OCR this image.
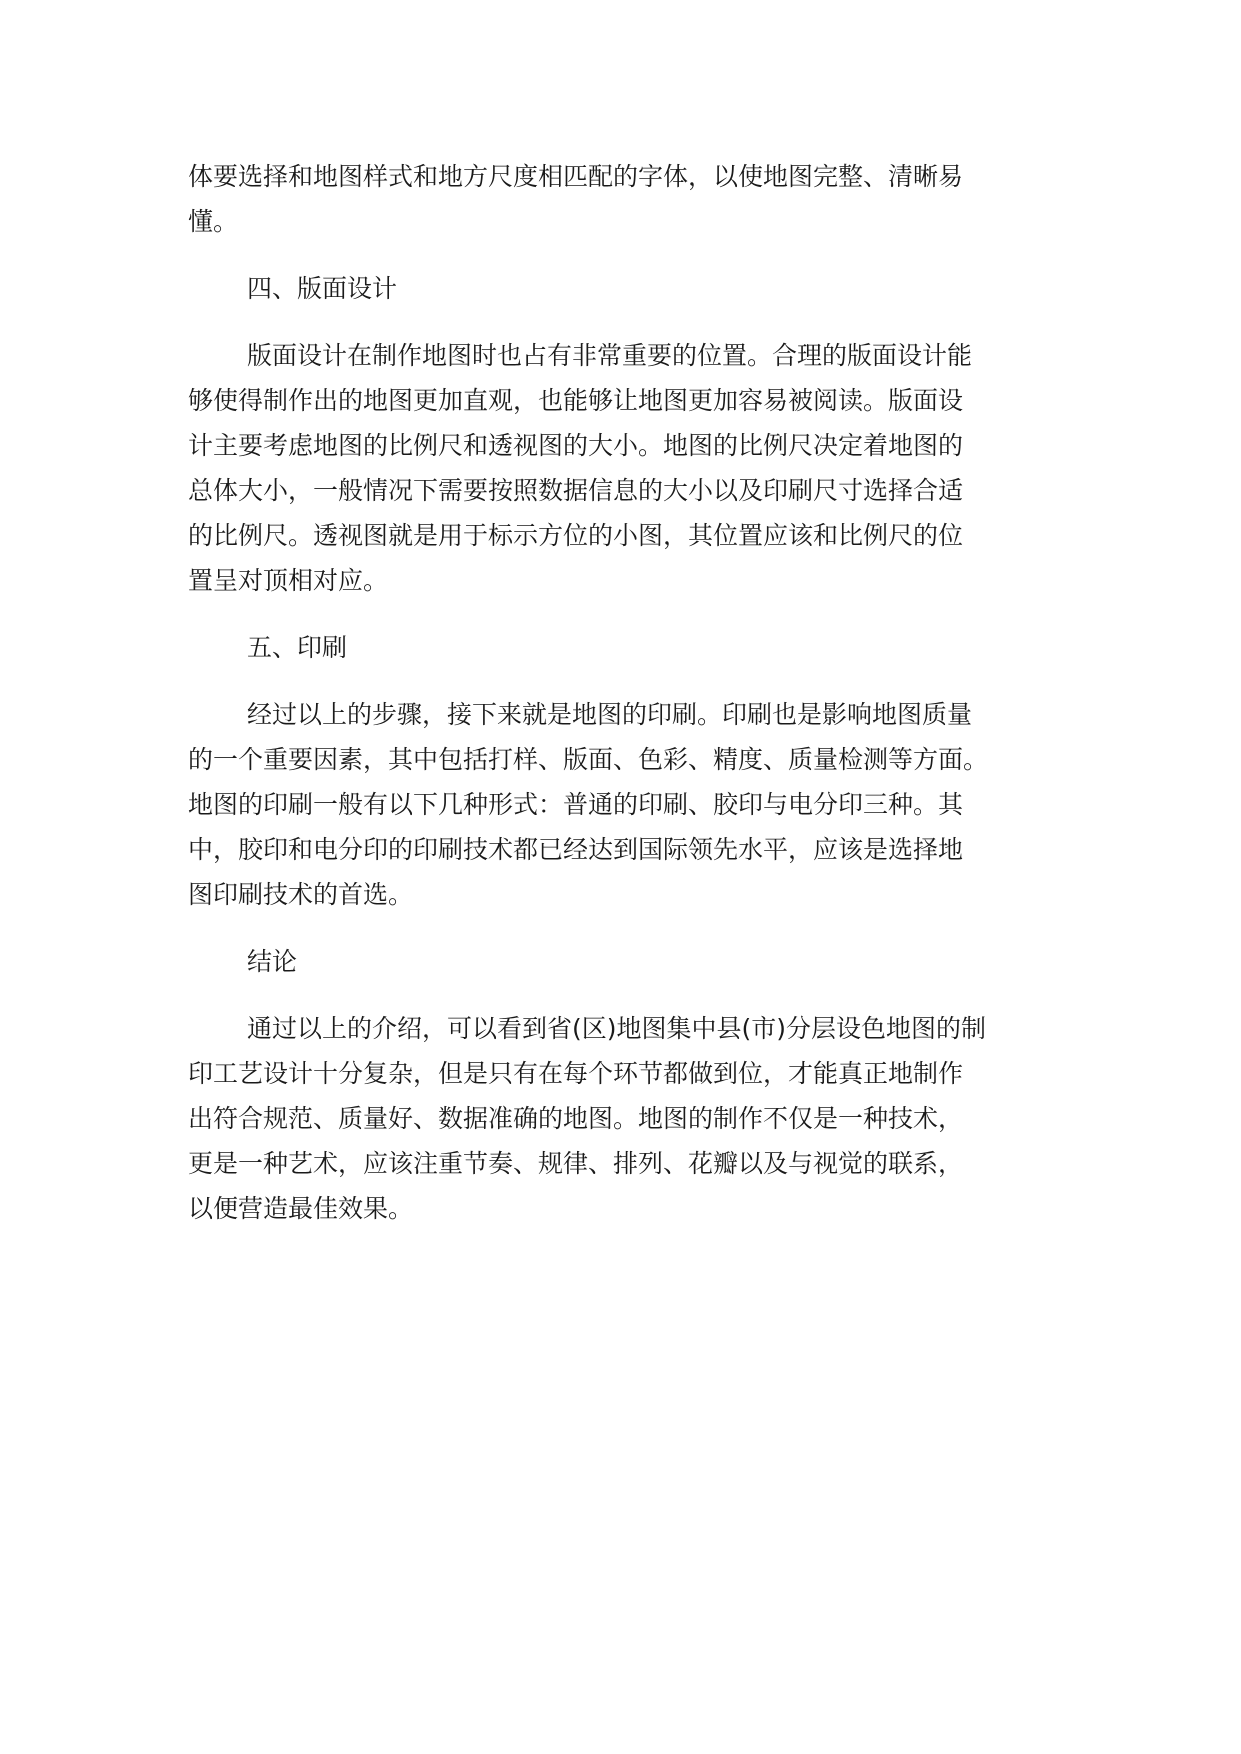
体要选择和地图样式和地方尺度相匹配的字体，以使地图完整、清晰易
懂。
四、版面设计
版面设计在制作地图时也占有非常重要的位置。合理的版面设计能
够使得制作出的地图更加直观，也能够让地图更加容易被阅读。版面设
计主要考虑地图的比例尺和透视图的大小。地图的比例尺决定着地图的
总体大小，一般情况下需要按照数据信息的大小以及印刷尺寸选择合适
的比例尺。透视图就是用于标示方位的小图，其位置应该和比例尺的位
置呈对顶相对应。
五、印刷
经过以上的步骤，接下来就是地图的印刷。印刷也是影响地图质量
的一个重要因素，其中包括打样、版面、色彩、精度、质量检测等方面。
地图的印刷一般有以下几种形式：普通的印刷、胶印与电分印三种。其
中，胶印和电分印的印刷技术都已经达到国际领先水平，应该是选择地
图印刷技术的首选。
结论
通过以上的介绍，可以看到省(区)地图集中县(市)分层设色地图的制
印工艺设计十分复杂，但是只有在每个环节都做到位，才能真正地制作
出符合规范、质量好、数据准确的地图。地图的制作不仅是一种技术，
更是一种艺术，应该注重节奏、规律、排列、花瓣以及与视觉的联系，
以便营造最佳效果。
